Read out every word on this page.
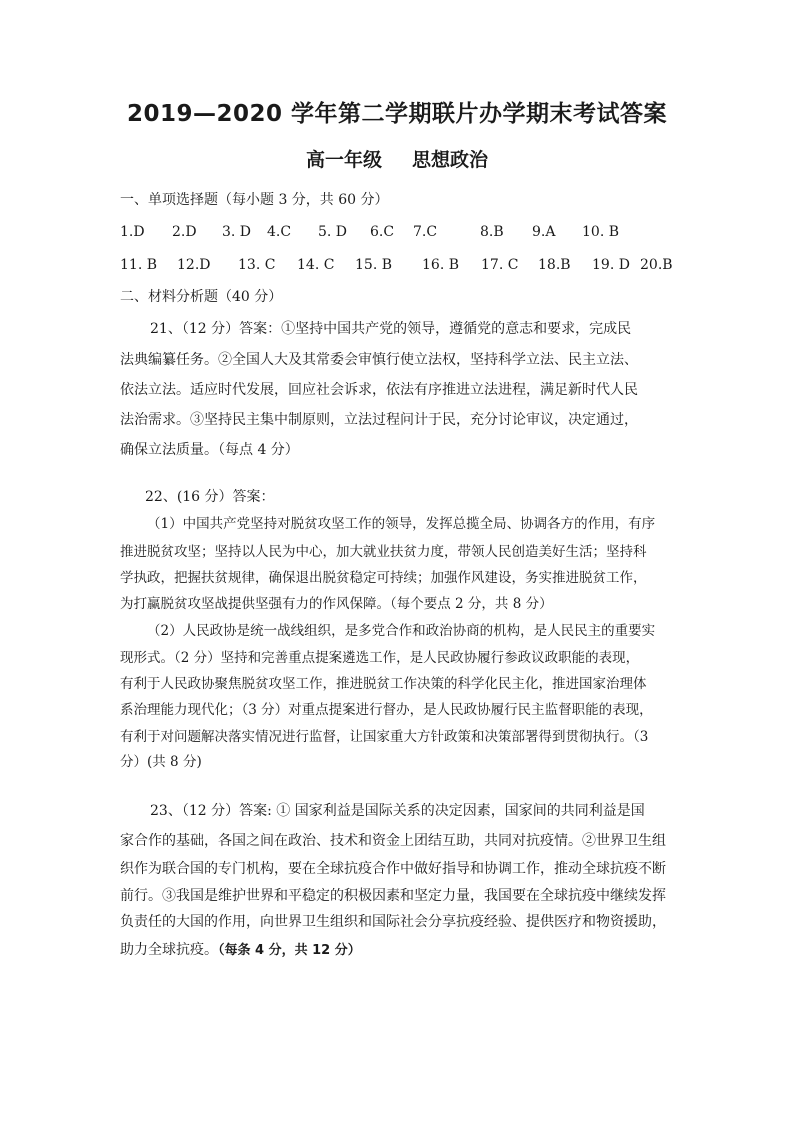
2019—2020 学年第二学期联片办学期末考试答案
高一年级 思想政治
一、单项选择题（每小题 3 分，共 60 分）
1.D 2.D 3. D 4.C 5. D 6.C 7.C	8.B 9.A 10. B
11. B 12.D 13. C 14. C 15. B 16. B 17. C 18.B 19. D 20.B
二、材料分析题（40 分）
21、（12 分）答案：①坚持中国共产党的领导，遵循党的意志和要求，完成民
法典编纂任务。②全国人大及其常委会审慎行使立法权，坚持科学立法、民主立法、
依法立法。适应时代发展，回应社会诉求，依法有序推进立法进程，满足新时代人民
法治需求。③坚持民主集中制原则，立法过程问计于民，充分讨论审议，决定通过，
确保立法质量。（每点 4 分）
22、(16 分）答案：
（1）中国共产党坚持对脱贫攻坚工作的领导，发挥总揽全局、协调各方的作用，有序
推进脱贫攻坚；坚持以人民为中心，加大就业扶贫力度，带领人民创造美好生活；坚持科
学执政，把握扶贫规律，确保退出脱贫稳定可持续；加强作风建设，务实推进脱贫工作，
为打赢脱贫攻坚战提供坚强有力的作风保障。（每个要点 2 分，共 8 分）
（2）人民政协是统一战线组织，是多党合作和政治协商的机构，是人民民主的重要实
现形式。（2 分）坚持和完善重点提案遴选工作，是人民政协履行参政议政职能的表现，
有利于人民政协聚焦脱贫攻坚工作，推进脱贫工作决策的科学化民主化，推进国家治理体
系治理能力现代化；（3 分）对重点提案进行督办，是人民政协履行民主监督职能的表现，
有利于对问题解决落实情况进行监督，让国家重大方针政策和决策部署得到贯彻执行。（3
分）(共 8 分)
23、（12 分）答案: ① 国家利益是国际关系的决定因素，国家间的共同利益是国
家合作的基础，各国之间在政治、技术和资金上团结互助，共同对抗疫情。②世界卫生组
织作为联合国的专门机构，要在全球抗疫合作中做好指导和协调工作，推动全球抗疫不断
前行。③我国是维护世界和平稳定的积极因素和坚定力量，我国要在全球抗疫中继续发挥
负责任的大国的作用，向世界卫生组织和国际社会分享抗疫经验、提供医疗和物资援助，
助力全球抗疫。（每条 4 分，共 12 分）
